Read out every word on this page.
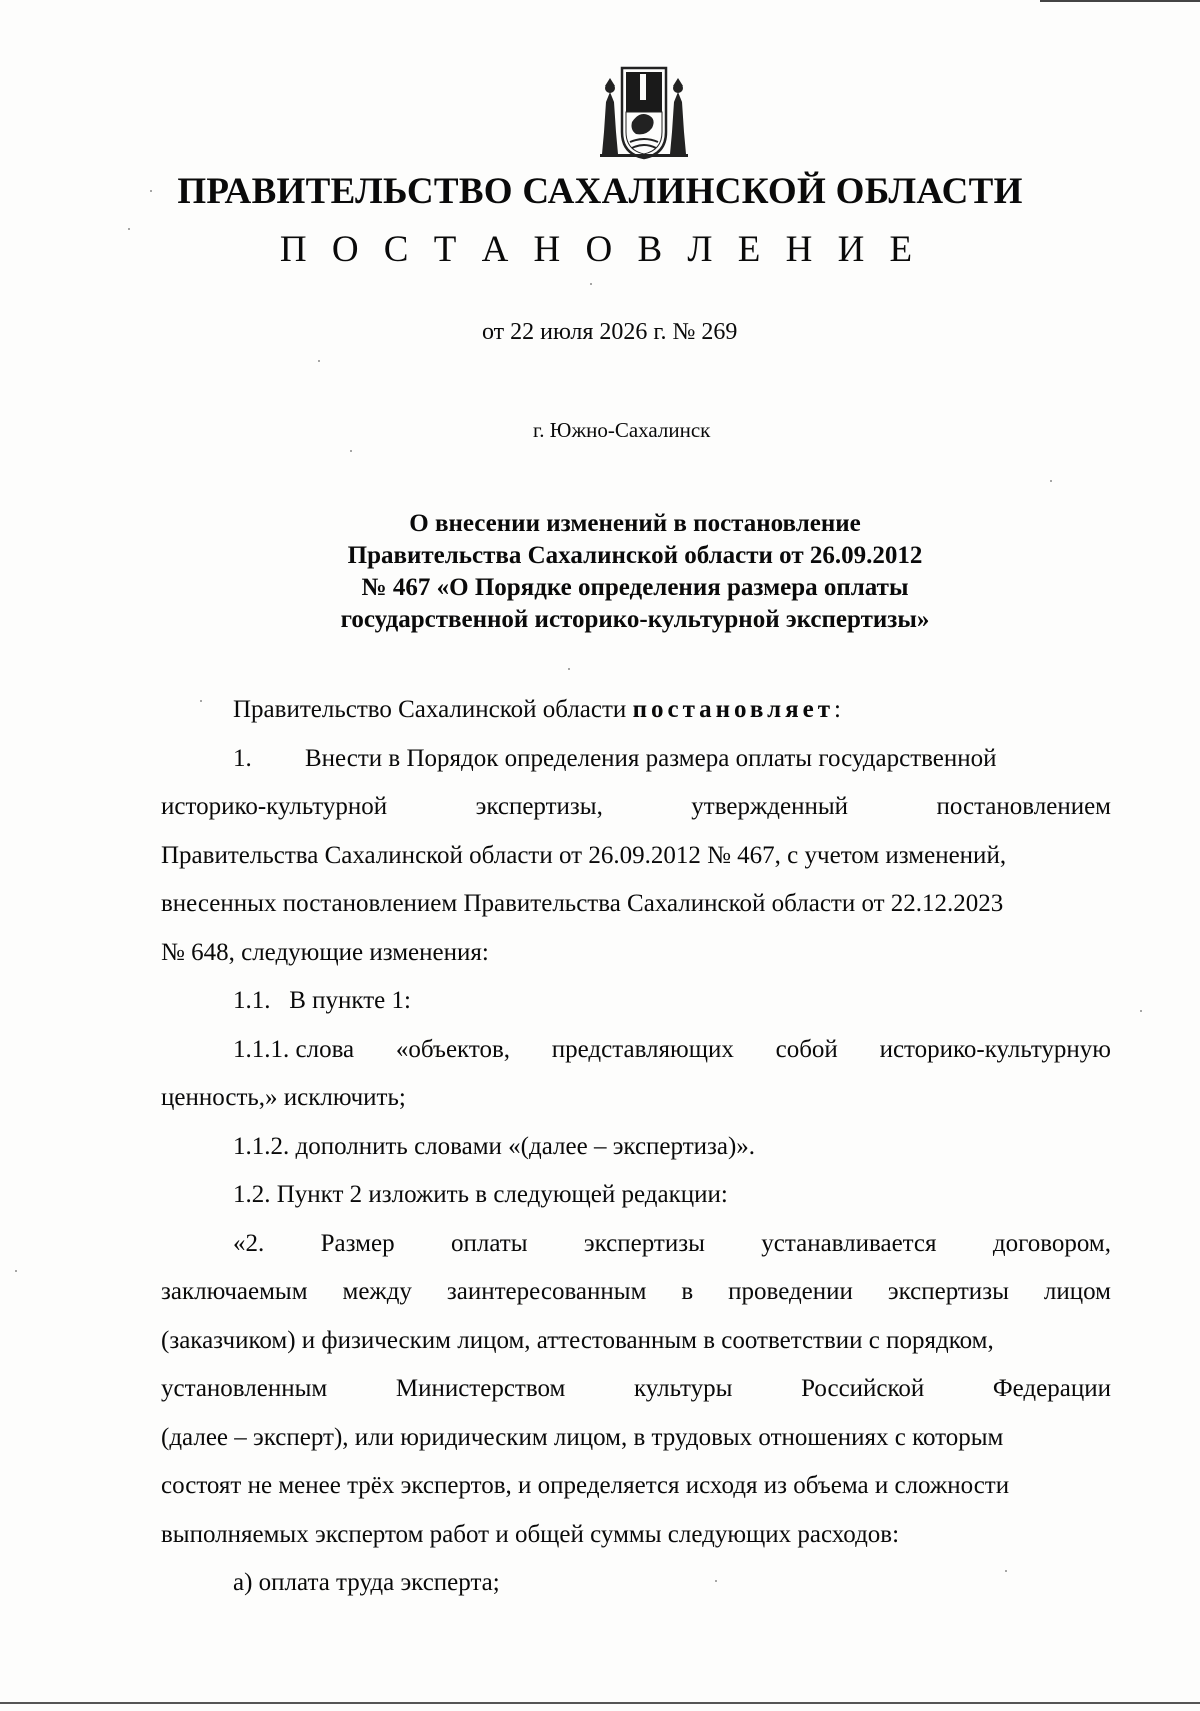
ПРАВИТЕЛЬСТВО САХАЛИНСКОЙ ОБЛАСТИ
П О С Т А Н О В Л Е Н И Е
от 22 июля 2026 г. № 269
г. Южно-Сахалинск
О внесении изменений в постановление
Правительства Сахалинской области от 26.09.2012
№ 467 «О Порядке определения размера оплаты
государственной историко-культурной экспертизы»

Правительство Сахалинской области постановляет:

1. Внести в Порядок определения размера оплаты государственной

историко-культурной	экспертизы,	утвержденный	постановлением

Правительства Сахалинской области от 26.09.2012 № 467, с учетом изменений,

внесенных постановлением Правительства Сахалинской области от 22.12.2023

№ 648, следующие изменения:

1.1. В пункте 1:

1.1.1. слова «объектов, представляющих собой историко-культурную

ценность,» исключить;

1.1.2. дополнить словами «(далее – экспертиза)».

1.2. Пункт 2 изложить в следующей редакции:

«2. Размер оплаты экспертизы устанавливается договором,
заключаемым между заинтересованным в проведении экспертизы лицом

(заказчиком) и физическим лицом, аттестованным в соответствии с порядком,

установленным	Министерством	культуры	Российской	Федерации

(далее – эксперт), или юридическим лицом, в трудовых отношениях с которым

состоят не менее трёх экспертов, и определяется исходя из объема и сложности

выполняемых экспертом работ и общей суммы следующих расходов:

а) оплата труда эксперта;
